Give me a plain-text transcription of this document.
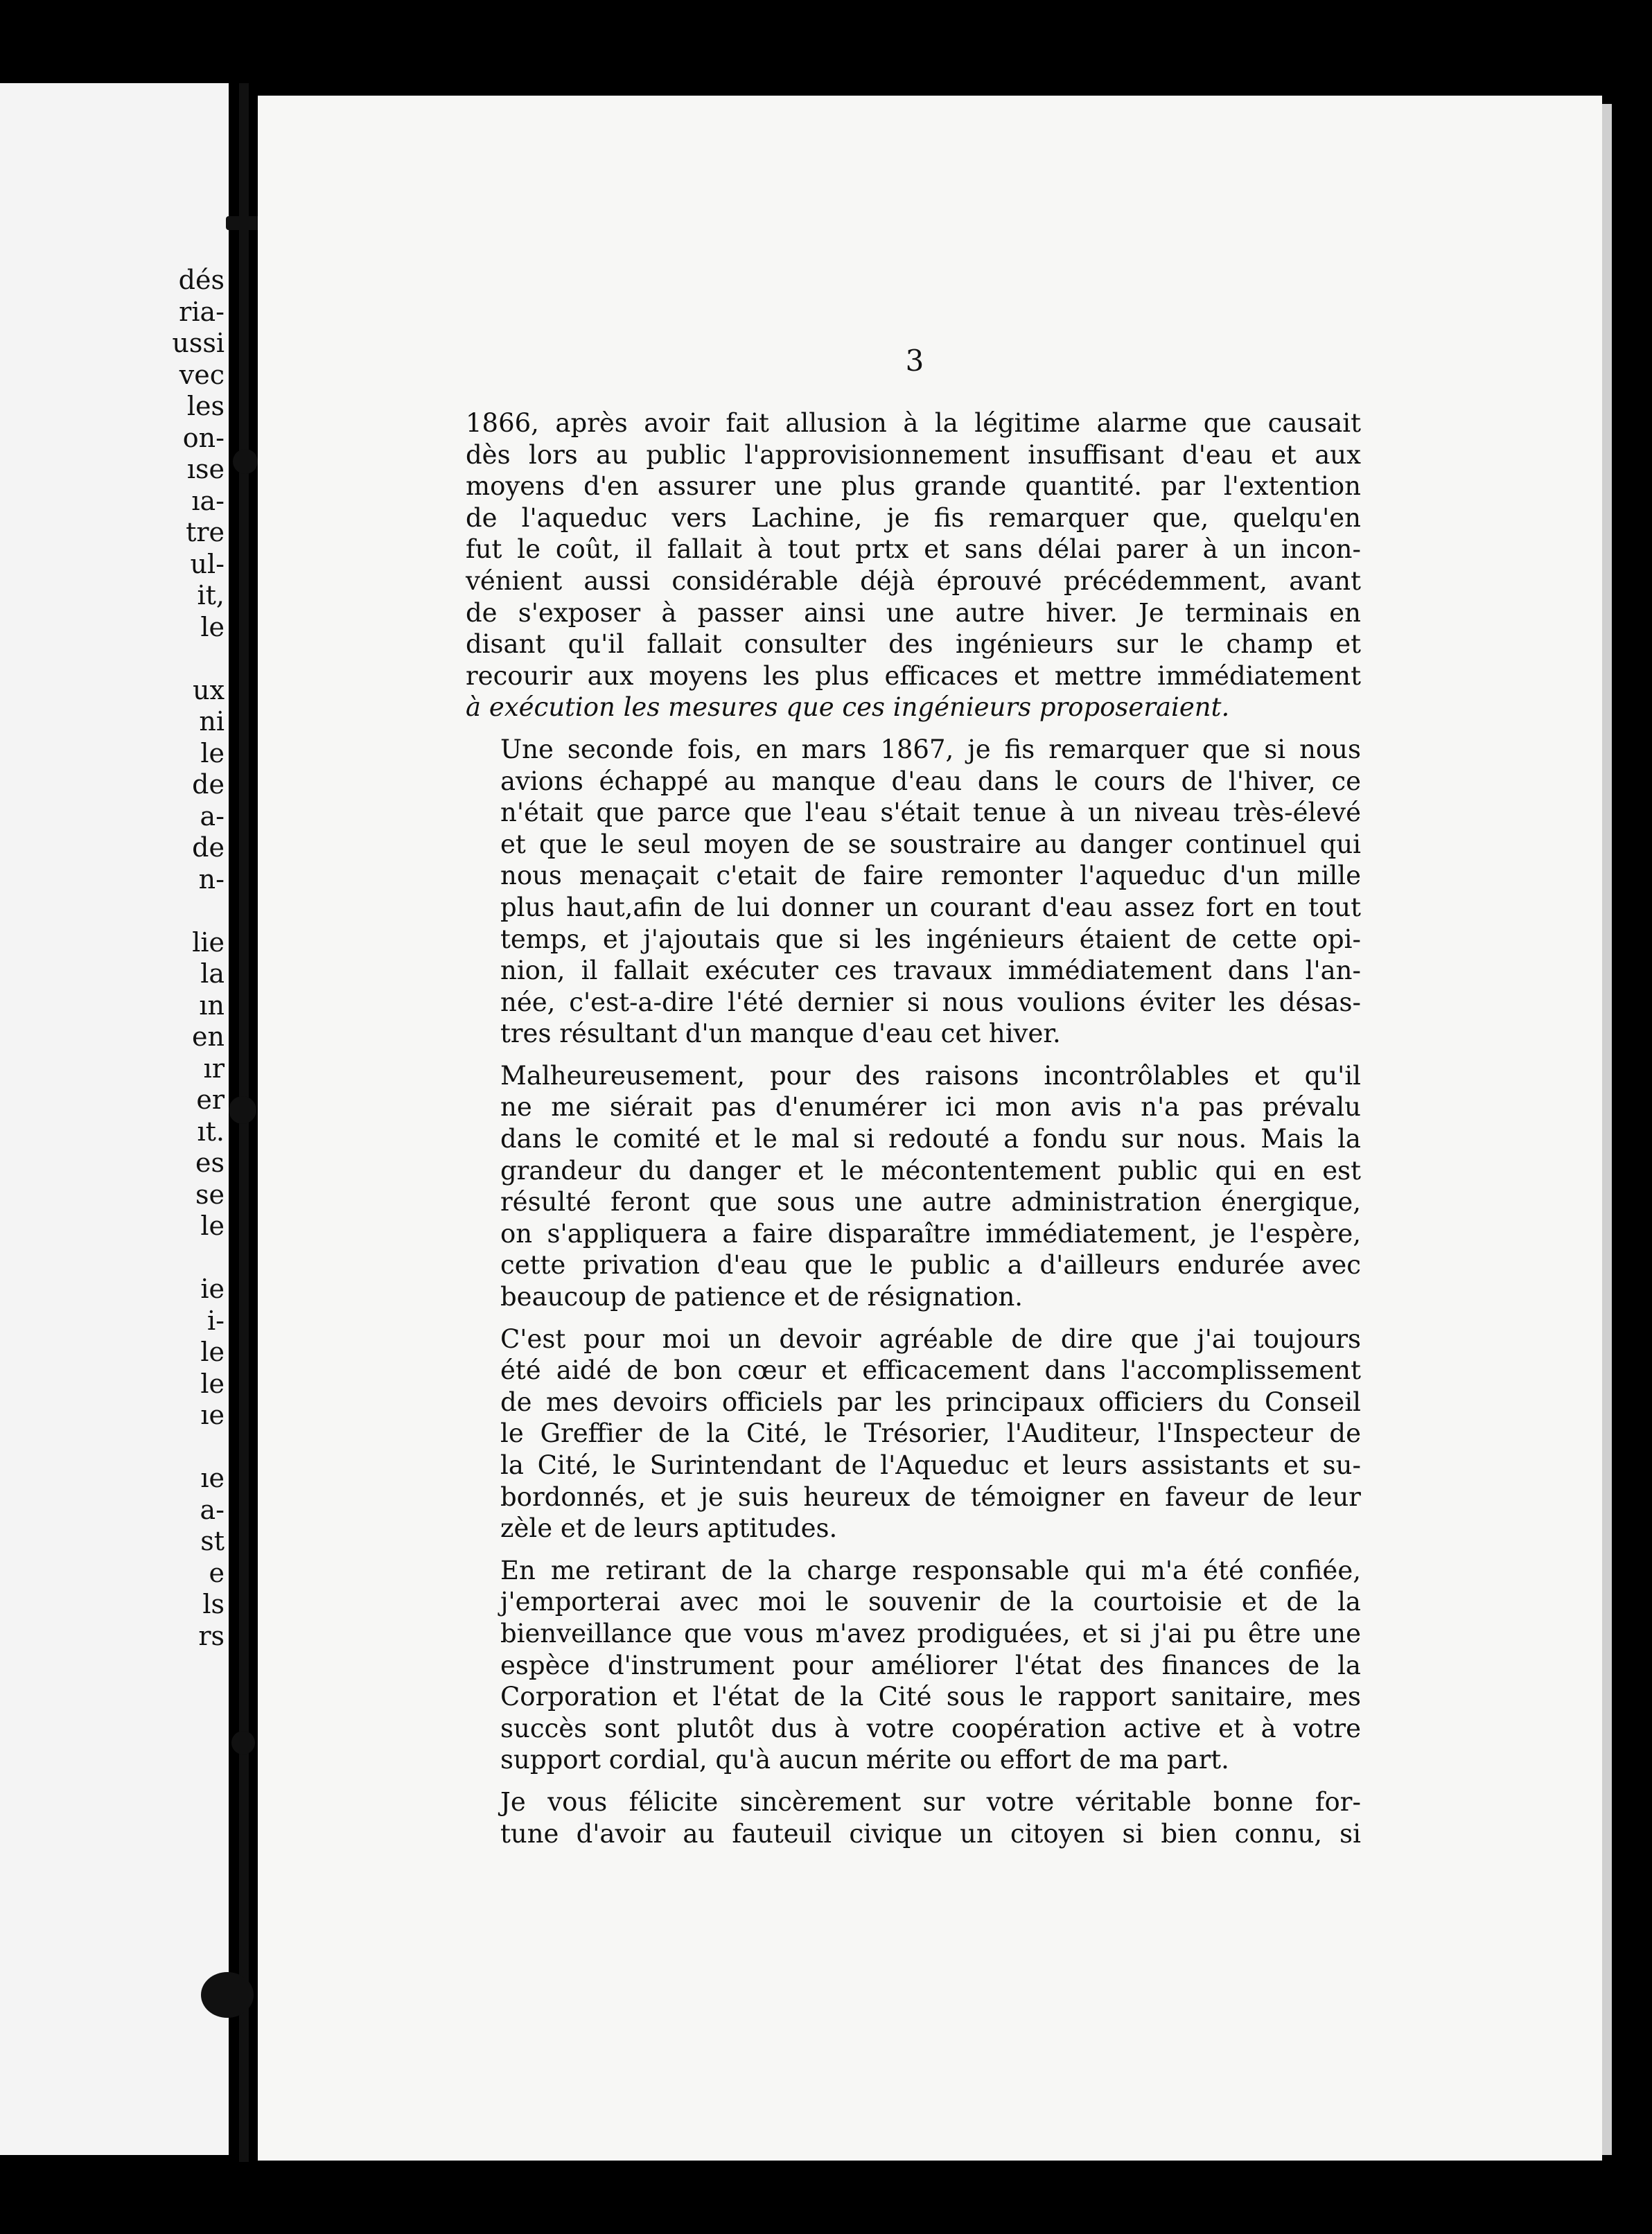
dés
ria-
ussi
vec
les
on-
ıse
ıa-
tre
ul-
it,
le
ux
ni
le
de
a-
de
n-
lie
la
ın
en
ır
er
ıt.
es
se
le
ie
i-
le
le
ıe
ıe
a-
st
e
ls
rs
3

1866, après avoir fait allusion à la légitime alarme que causait
dès lors au public l'approvisionnement insuffisant d'eau et aux
moyens d'en assurer une plus grande quantité. par l'extention
de l'aqueduc vers Lachine, je fis remarquer que, quelqu'en
fut le coût, il fallait à tout prtx et sans délai parer à un incon-
vénient aussi considérable déjà éprouvé précédemment, avant
de s'exposer à passer ainsi une autre hiver. Je terminais en
disant qu'il fallait consulter des ingénieurs sur le champ et
recourir aux moyens les plus efficaces et mettre immédiatement
à exécution les mesures que ces ingénieurs proposeraient.

Une seconde fois, en mars 1867, je fis remarquer que si nous
avions échappé au manque d'eau dans le cours de l'hiver, ce
n'était que parce que l'eau s'était tenue à un niveau très-élevé
et que le seul moyen de se soustraire au danger continuel qui
nous menaçait c'etait de faire remonter l'aqueduc d'un mille
plus haut,afin de lui donner un courant d'eau assez fort en tout
temps, et j'ajoutais que si les ingénieurs étaient de cette opi-
nion, il fallait exécuter ces travaux immédiatement dans l'an-
née, c'est-a-dire l'été dernier si nous voulions éviter les désas-
tres résultant d'un manque d'eau cet hiver.

Malheureusement, pour des raisons incontrôlables et qu'il
ne me siérait pas d'enumérer ici mon avis n'a pas prévalu
dans le comité et le mal si redouté a fondu sur nous. Mais la
grandeur du danger et le mécontentement public qui en est
résulté feront que sous une autre administration énergique,
on s'appliquera a faire disparaître immédiatement, je l'espère,
cette privation d'eau que le public a d'ailleurs endurée avec
beaucoup de patience et de résignation.

C'est pour moi un devoir agréable de dire que j'ai toujours
été aidé de bon cœur et efficacement dans l'accomplissement
de mes devoirs officiels par les principaux officiers du Conseil
le Greffier de la Cité, le Trésorier, l'Auditeur, l'Inspecteur de
la Cité, le Surintendant de l'Aqueduc et leurs assistants et su-
bordonnés, et je suis heureux de témoigner en faveur de leur
zèle et de leurs aptitudes.

En me retirant de la charge responsable qui m'a été confiée,
j'emporterai avec moi le souvenir de la courtoisie et de la
bienveillance que vous m'avez prodiguées, et si j'ai pu être une
espèce d'instrument pour améliorer l'état des finances de la
Corporation et l'état de la Cité sous le rapport sanitaire, mes
succès sont plutôt dus à votre coopération active et à votre
support cordial, qu'à aucun mérite ou effort de ma part.

Je vous félicite sincèrement sur votre véritable bonne for-
tune d'avoir au fauteuil civique un citoyen si bien connu, si
